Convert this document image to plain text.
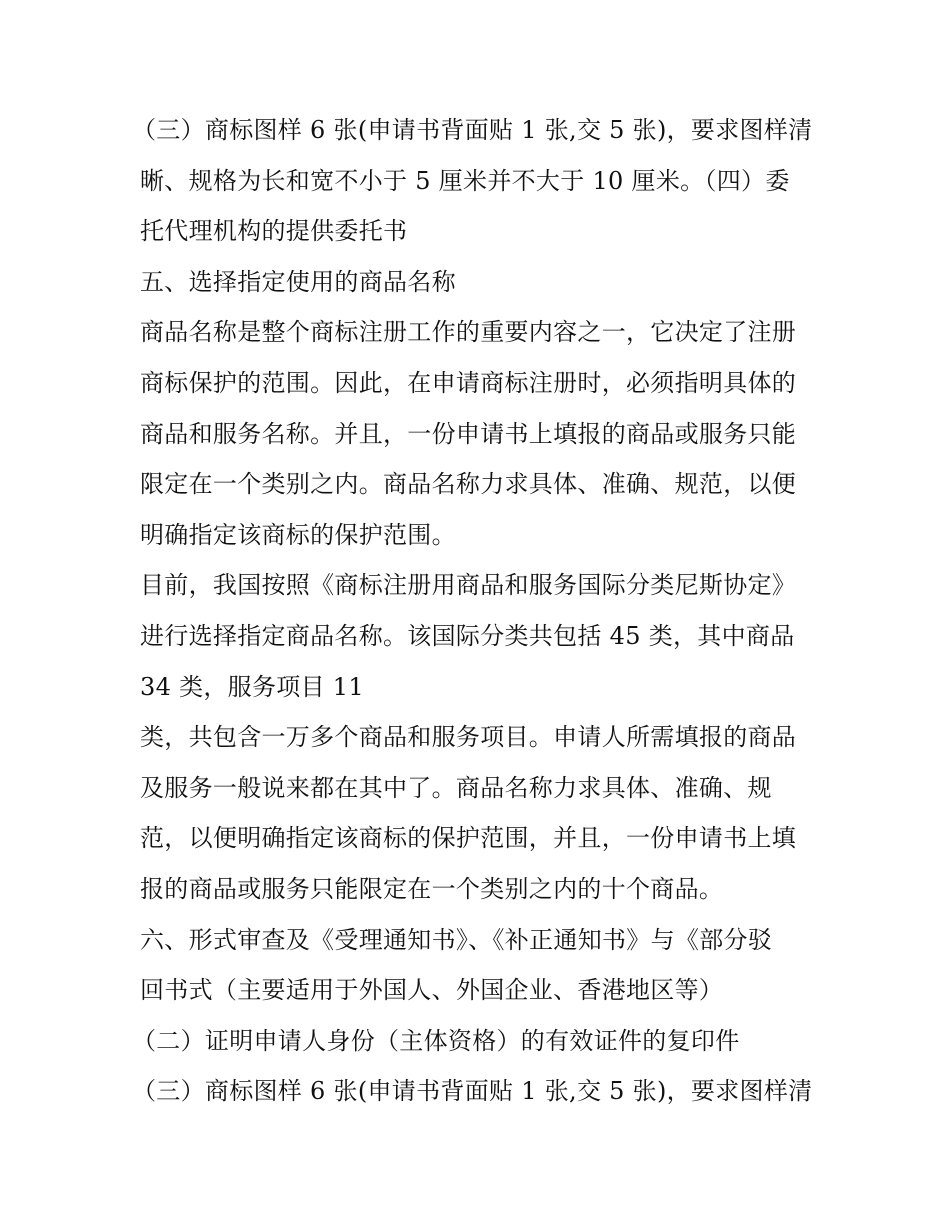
（三）商标图样 6 张(申请书背面贴 1 张,交 5 张)，要求图样清
晰、规格为长和宽不小于 5 厘米并不大于 10 厘米。（四）委
托代理机构的提供委托书
五、选择指定使用的商品名称
商品名称是整个商标注册工作的重要内容之一，它决定了注册
商标保护的范围。因此，在申请商标注册时，必须指明具体的
商品和服务名称。并且，一份申请书上填报的商品或服务只能
限定在一个类别之内。商品名称力求具体、准确、规范，以便
明确指定该商标的保护范围。
目前，我国按照《商标注册用商品和服务国际分类尼斯协定》
进行选择指定商品名称。该国际分类共包括 45 类，其中商品
34 类，服务项目 11
类，共包含一万多个商品和服务项目。申请人所需填报的商品
及服务一般说来都在其中了。商品名称力求具体、准确、规
范，以便明确指定该商标的保护范围，并且，一份申请书上填
报的商品或服务只能限定在一个类别之内的十个商品。
六、形式审查及《受理通知书》、《补正通知书》与《部分驳
回书式（主要适用于外国人、外国企业、香港地区等）
（二）证明申请人身份（主体资格）的有效证件的复印件
（三）商标图样 6 张(申请书背面贴 1 张,交 5 张)，要求图样清
